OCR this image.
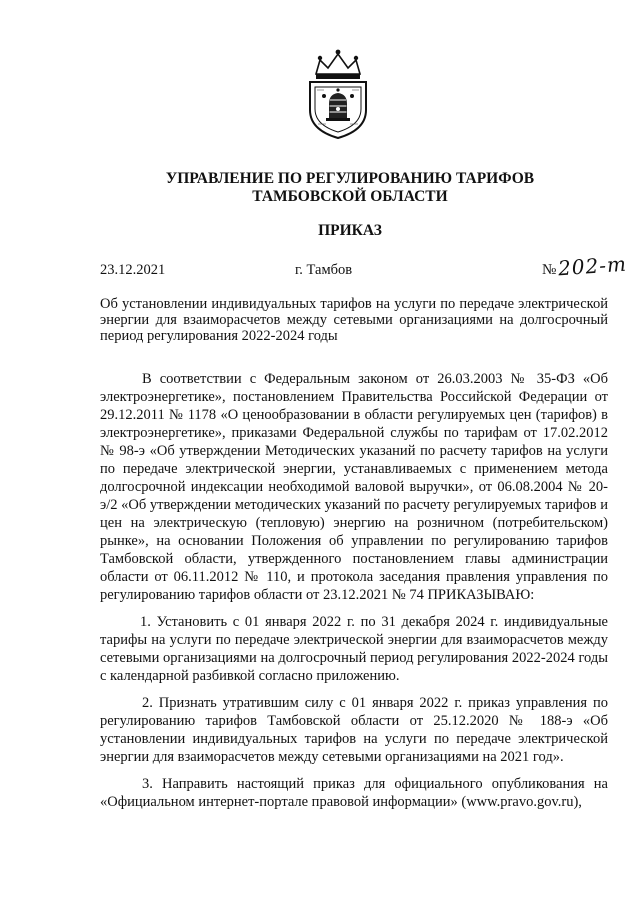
УПРАВЛЕНИЕ ПО РЕГУЛИРОВАНИЮ ТАРИФОВ
ТАМБОВСКОЙ ОБЛАСТИ
ПРИКАЗ
23.12.2021	г. Тамбов	№ 202-т
Об установлении индивидуальных тарифов на услуги по передаче электрической энергии для взаиморасчетов между сетевыми организациями на долгосрочный период регулирования 2022-2024 годы

В соответствии с Федеральным законом от 26.03.2003 № 35-ФЗ «Об электроэнергетике», постановлением Правительства Российской Федерации от 29.12.2011 № 1178 «О ценообразовании в области регулируемых цен (тарифов) в электроэнергетике», приказами Федеральной службы по тарифам от 17.02.2012 № 98-э «Об утверждении Методических указаний по расчету тарифов на услуги по передаче электрической энергии, устанавливаемых с применением метода долгосрочной индексации необходимой валовой выручки», от 06.08.2004 № 20-э/2 «Об утверждении методических указаний по расчету регулируемых тарифов и цен на электрическую (тепловую) энергию на розничном (потребительском) рынке», на основании Положения об управлении по регулированию тарифов Тамбовской области, утвержденного постановлением главы администрации области от 06.11.2012 № 110, и протокола заседания правления управления по регулированию тарифов области от 23.12.2021 № 74 ПРИКАЗЫВАЮ:

1. Установить с 01 января 2022 г. по 31 декабря 2024 г. индивидуальные тарифы на услуги по передаче электрической энергии для взаиморасчетов между сетевыми организациями на долгосрочный период регулирования 2022-2024 годы с календарной разбивкой согласно приложению.

2. Признать утратившим силу с 01 января 2022 г. приказ управления по регулированию тарифов Тамбовской области от 25.12.2020 № 188-э «Об установлении индивидуальных тарифов на услуги по передаче электрической энергии для взаиморасчетов между сетевыми организациями на 2021 год».

3. Направить настоящий приказ для официального опубликования на «Официальном интернет-портале правовой информации» (www.pravo.gov.ru),
